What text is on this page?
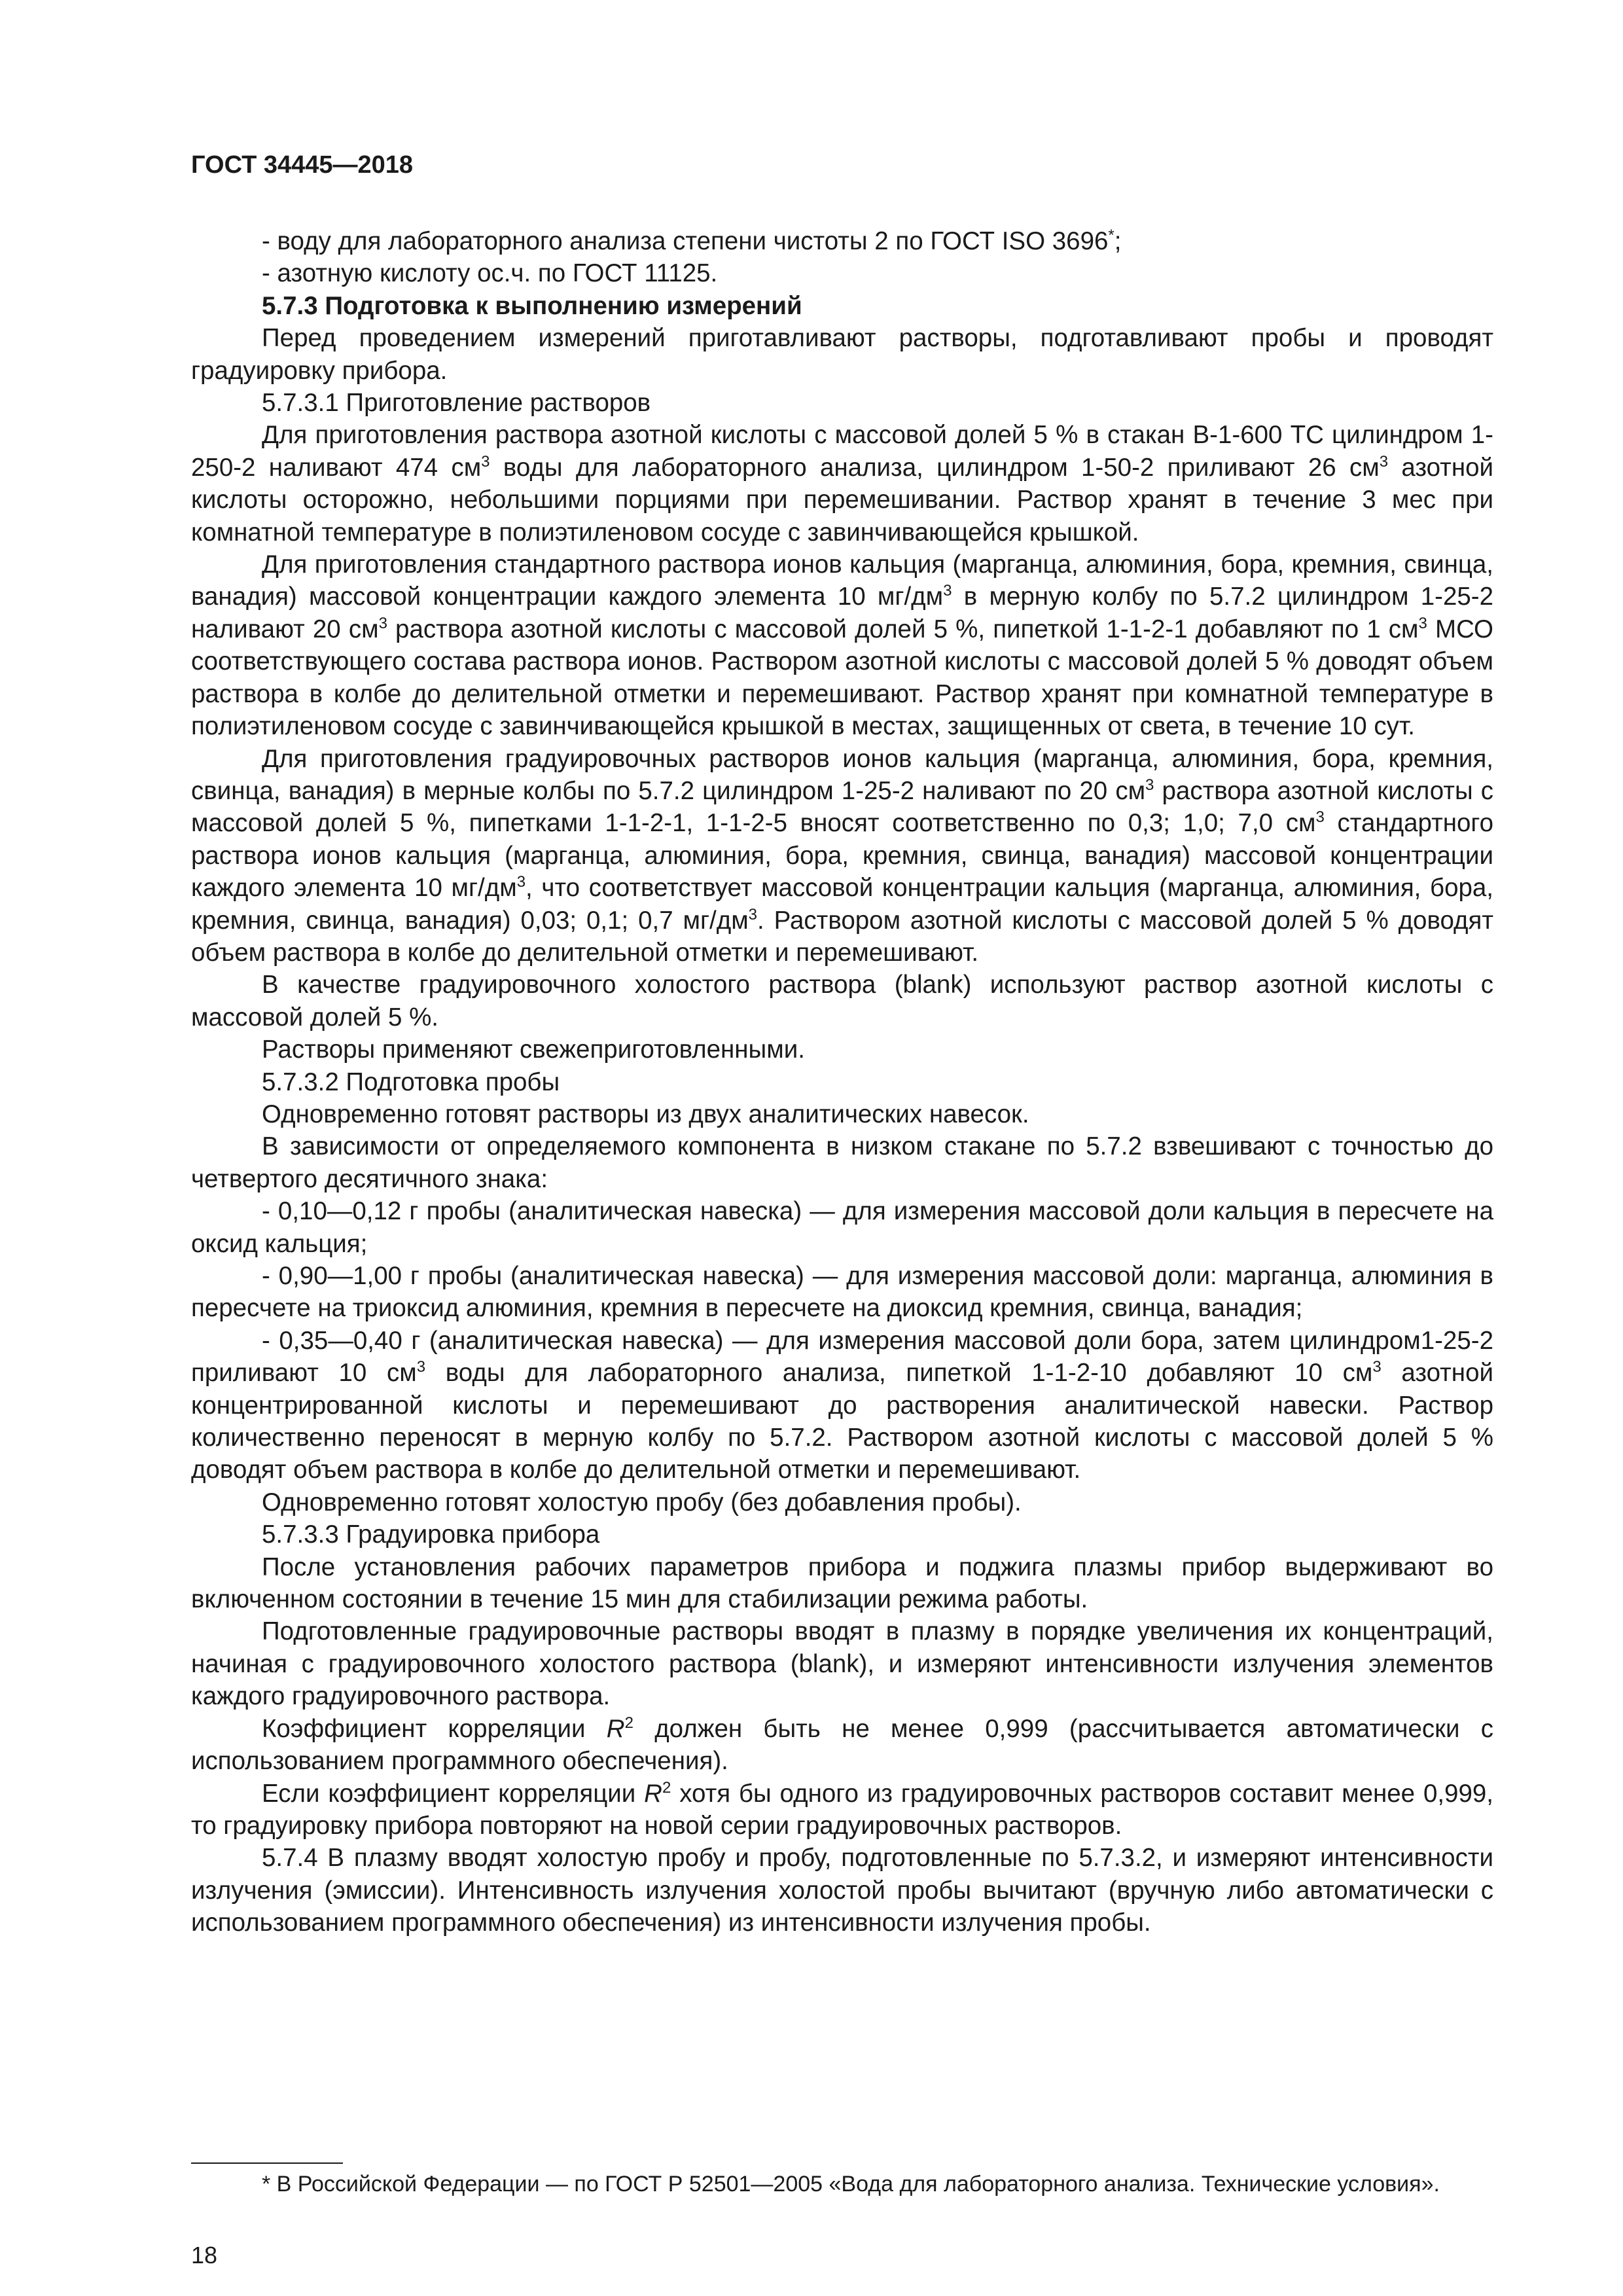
ГОСТ 34445—2018

- воду для лабораторного анализа степени чистоты 2 по ГОСТ ISO 3696*;

- азотную кислоту ос.ч. по ГОСТ 11125.

5.7.3 Подготовка к выполнению измерений

Перед проведением измерений приготавливают растворы, подготавливают пробы и проводят градуировку прибора.

5.7.3.1 Приготовление растворов

Для приготовления раствора азотной кислоты с массовой долей 5 % в стакан В-1-600 ТС цилиндром 1-250-2 наливают 474 $см^3$ воды для лабораторного анализа, цилиндром 1-50-2 приливают 26 $см^3$ азотной кислоты осторожно, небольшими порциями при перемешивании. Раствор хранят в течение 3 мес при комнатной температуре в полиэтиленовом сосуде с завинчивающейся крышкой.

Для приготовления стандартного раствора ионов кальция (марганца, алюминия, бора, кремния, свинца, ванадия) массовой концентрации каждого элемента 10 $мг/дм^3$ в мерную колбу по 5.7.2 цилиндром 1-25-2 наливают 20 $см^3$ раствора азотной кислоты с массовой долей 5 %, пипеткой 1-1-2-1 добавляют по 1 $см^3$ МСО соответствующего состава раствора ионов. Раствором азотной кислоты с массовой долей 5 % доводят объем раствора в колбе до делительной отметки и перемешивают. Раствор хранят при комнатной температуре в полиэтиленовом сосуде с завинчивающейся крышкой в местах, защищенных от света, в течение 10 сут.

Для приготовления градуировочных растворов ионов кальция (марганца, алюминия, бора, кремния, свинца, ванадия) в мерные колбы по 5.7.2 цилиндром 1-25-2 наливают по 20 $см^3$ раствора азотной кислоты с массовой долей 5 %, пипетками 1-1-2-1, 1-1-2-5 вносят соответственно по 0,3; 1,0; 7,0 $см^3$ стандартного раствора ионов кальция (марганца, алюминия, бора, кремния, свинца, ванадия) массовой концентрации каждого элемента 10 $мг/дм^3$, что соответствует массовой концентрации кальция (марганца, алюминия, бора, кремния, свинца, ванадия) 0,03; 0,1; 0,7 $мг/дм^3$. Раствором азотной кислоты с массовой долей 5 % доводят объем раствора в колбе до делительной отметки и перемешивают.

В качестве градуировочного холостого раствора (blank) используют раствор азотной кислоты с массовой долей 5 %.

Растворы применяют свежеприготовленными.

5.7.3.2 Подготовка пробы

Одновременно готовят растворы из двух аналитических навесок.

В зависимости от определяемого компонента в низком стакане по 5.7.2 взвешивают с точностью до четвертого десятичного знака:

- 0,10—0,12 г пробы (аналитическая навеска) — для измерения массовой доли кальция в пересчете на оксид кальция;

- 0,90—1,00 г пробы (аналитическая навеска) — для измерения массовой доли: марганца, алюминия в пересчете на триоксид алюминия, кремния в пересчете на диоксид кремния, свинца, ванадия;

- 0,35—0,40 г (аналитическая навеска) — для измерения массовой доли бора, затем цилиндром1-25-2 приливают 10 $см^3$ воды для лабораторного анализа, пипеткой 1-1-2-10 добавляют 10 $см^3$ азотной концентрированной кислоты и перемешивают до растворения аналитической навески. Раствор количественно переносят в мерную колбу по 5.7.2. Раствором азотной кислоты с массовой долей 5 % доводят объем раствора в колбе до делительной отметки и перемешивают.

Одновременно готовят холостую пробу (без добавления пробы).

5.7.3.3 Градуировка прибора

После установления рабочих параметров прибора и поджига плазмы прибор выдерживают во включенном состоянии в течение 15 мин для стабилизации режима работы.

Подготовленные градуировочные растворы вводят в плазму в порядке увеличения их концентраций, начиная с градуировочного холостого раствора (blank), и измеряют интенсивности излучения элементов каждого градуировочного раствора.

Коэффициент корреляции $R^2$ должен быть не менее 0,999 (рассчитывается автоматически с использованием программного обеспечения).

Если коэффициент корреляции $R^2$ хотя бы одного из градуировочных растворов составит менее 0,999, то градуировку прибора повторяют на новой серии градуировочных растворов.

5.7.4 В плазму вводят холостую пробу и пробу, подготовленные по 5.7.3.2, и измеряют интенсивности излучения (эмиссии). Интенсивность излучения холостой пробы вычитают (вручную либо автоматически с использованием программного обеспечения) из интенсивности излучения пробы.

* В Российской Федерации — по ГОСТ Р 52501—2005 «Вода для лабораторного анализа. Технические условия».
18
